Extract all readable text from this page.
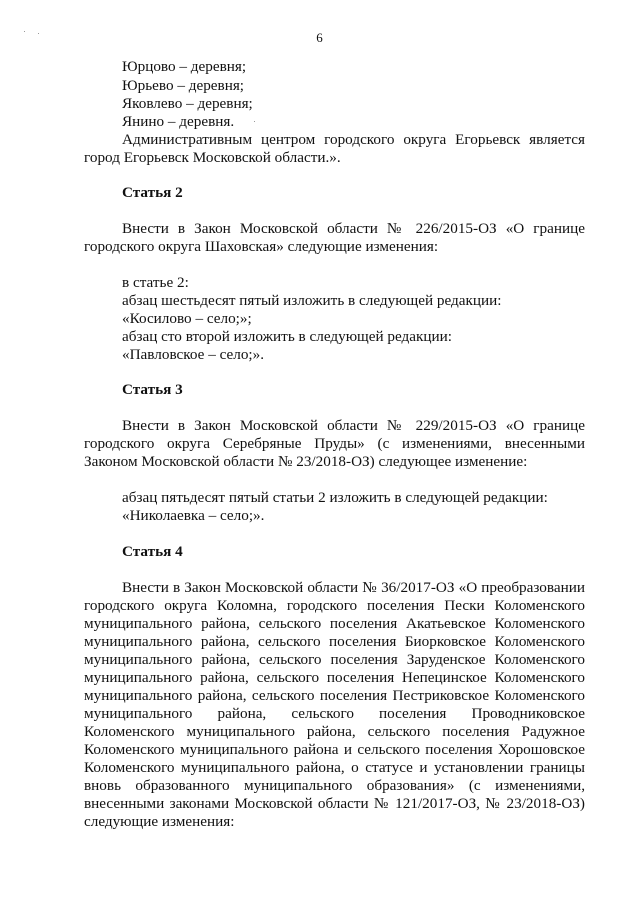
6
Юрцово – деревня;
Юрьево – деревня;
Яковлево – деревня;
Янино – деревня.
Административным центром городского округа Егорьевск является
город Егорьевск Московской области.».
Статья 2
Внести в Закон Московской области № 226/2015-ОЗ «О границе
городского округа Шаховская» следующие изменения:
в статье 2:
абзац шестьдесят пятый изложить в следующей редакции:
«Косилово – село;»;
абзац сто второй изложить в следующей редакции:
«Павловское – село;».
Статья 3
Внести в Закон Московской области № 229/2015-ОЗ «О границе
городского округа Серебряные Пруды» (с изменениями, внесенными
Законом Московской области № 23/2018-ОЗ) следующее изменение:
абзац пятьдесят пятый статьи 2 изложить в следующей редакции:
«Николаевка – село;».
Статья 4
Внести в Закон Московской области № 36/2017-ОЗ «О преобразовании
городского округа Коломна, городского поселения Пески Коломенского
муниципального района, сельского поселения Акатьевское Коломенского
муниципального района, сельского поселения Биорковское Коломенского
муниципального района, сельского поселения Заруденское Коломенского
муниципального района, сельского поселения Непецинское Коломенского
муниципального района, сельского поселения Пестриковское Коломенского
муниципального района, сельского поселения Проводниковское
Коломенского муниципального района, сельского поселения Радужное
Коломенского муниципального района и сельского поселения Хорошовское
Коломенского муниципального района, о статусе и установлении границы
вновь образованного муниципального образования» (с изменениями,
внесенными законами Московской области № 121/2017-ОЗ, № 23/2018-ОЗ)
следующие изменения:
